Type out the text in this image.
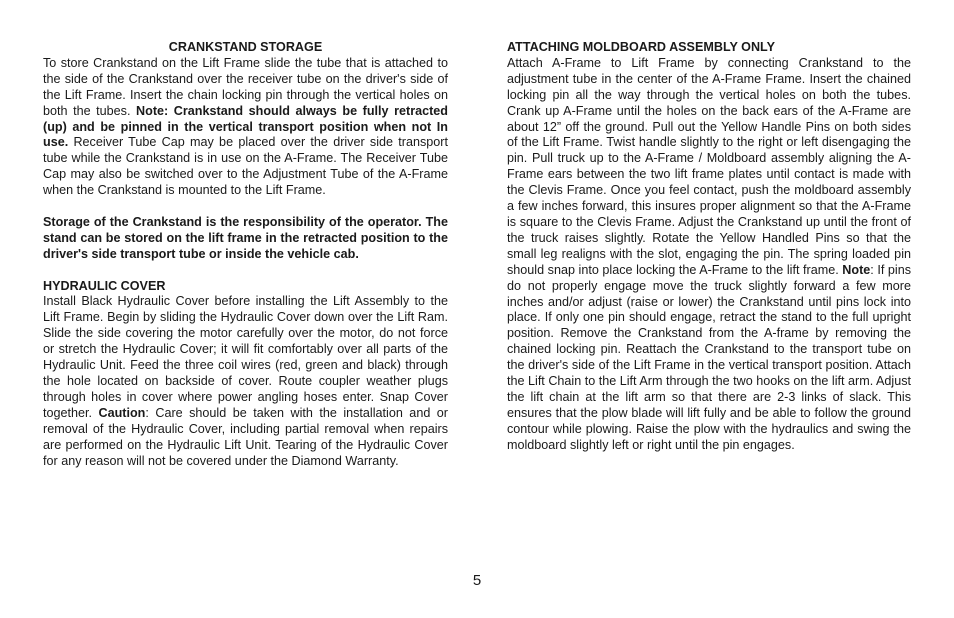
CRANKSTAND STORAGE

To store Crankstand on the Lift Frame slide the tube that is attached to the side of the Crankstand over the receiver tube on the driver's side of the Lift Frame. Insert the chain locking pin through the vertical holes on both the tubes. Note: Crankstand should always be fully retracted (up) and be pinned in the vertical transport position when not In use. Receiver Tube Cap may be placed over the driver side transport tube while the Crankstand is in use on the A-Frame. The Receiver Tube Cap may also be switched over to the Adjustment Tube of the A-Frame when the Crankstand is mounted to the Lift Frame.

Storage of the Crankstand is the responsibility of the operator. The stand can be stored on the lift frame in the retracted position to the driver's side transport tube or inside the vehicle cab.

HYDRAULIC COVER

Install Black Hydraulic Cover before installing the Lift Assembly to the Lift Frame. Begin by sliding the Hydraulic Cover down over the Lift Ram. Slide the side covering the motor carefully over the motor, do not force or stretch the Hydraulic Cover; it will fit comfortably over all parts of the Hydraulic Unit. Feed the three coil wires (red, green and black) through the hole located on backside of cover. Route coupler weather plugs through holes in cover where power angling hoses enter. Snap Cover together. Caution: Care should be taken with the installation and or removal of the Hydraulic Cover, including partial removal when repairs are performed on the Hydraulic Lift Unit. Tearing of the Hydraulic Cover for any reason will not be covered under the Diamond Warranty.

ATTACHING MOLDBOARD ASSEMBLY ONLY

Attach A-Frame to Lift Frame by connecting Crankstand to the adjustment tube in the center of the A-Frame Frame. Insert the chained locking pin all the way through the vertical holes on both the tubes. Crank up A-Frame until the holes on the back ears of the A-Frame are about 12” off the ground. Pull out the Yellow Handle Pins on both sides of the Lift Frame. Twist handle slightly to the right or left disengaging the pin. Pull truck up to the A-Frame / Moldboard assembly aligning the A-Frame ears between the two lift frame plates until contact is made with the Clevis Frame. Once you feel contact, push the moldboard assembly a few inches forward, this insures proper alignment so that the A-Frame is square to the Clevis Frame. Adjust the Crankstand up until the front of the truck raises slightly. Rotate the Yellow Handled Pins so that the small leg realigns with the slot, engaging the pin. The spring loaded pin should snap into place locking the A-Frame to the lift frame. Note: If pins do not properly engage move the truck slightly forward a few more inches and/or adjust (raise or lower) the Crankstand until pins lock into place. If only one pin should engage, retract the stand to the full upright position. Remove the Crankstand from the A-frame by removing the chained locking pin. Reattach the Crankstand to the transport tube on the driver's side of the Lift Frame in the vertical transport position. Attach the Lift Chain to the Lift Arm through the two hooks on the lift arm. Adjust the lift chain at the lift arm so that there are 2-3 links of slack. This ensures that the plow blade will lift fully and be able to follow the ground contour while plowing. Raise the plow with the hydraulics and swing the moldboard slightly left or right until the pin engages.

5
